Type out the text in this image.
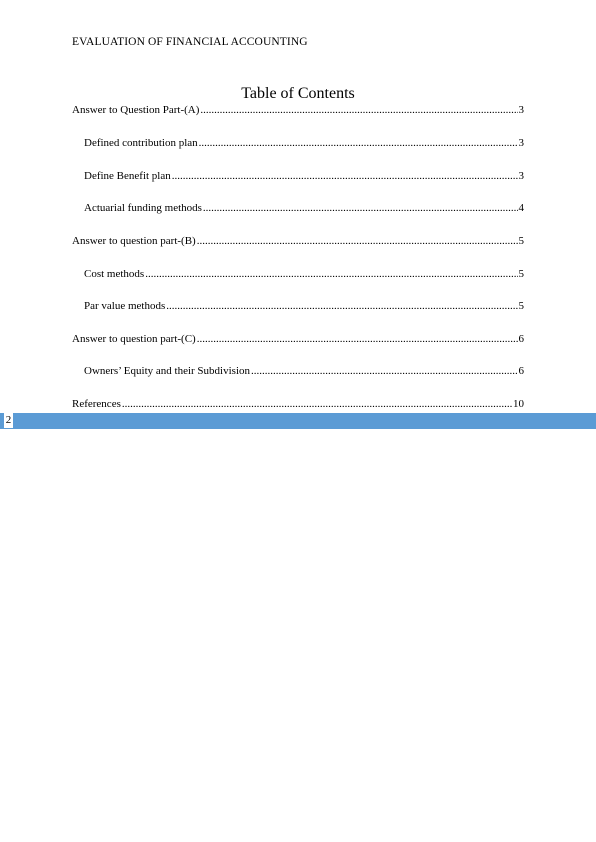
EVALUATION OF FINANCIAL ACCOUNTING
Table of Contents
Answer to Question Part-(A) .....	3
Defined contribution plan .....	3
Define Benefit plan .....	3
Actuarial funding methods .....	4
Answer to question part-(B) .....	5
Cost methods .....	5
Par value methods .....	5
Answer to question part-(C) .....	6
Owners’ Equity and their Subdivision .....	6
References .....	10
2
